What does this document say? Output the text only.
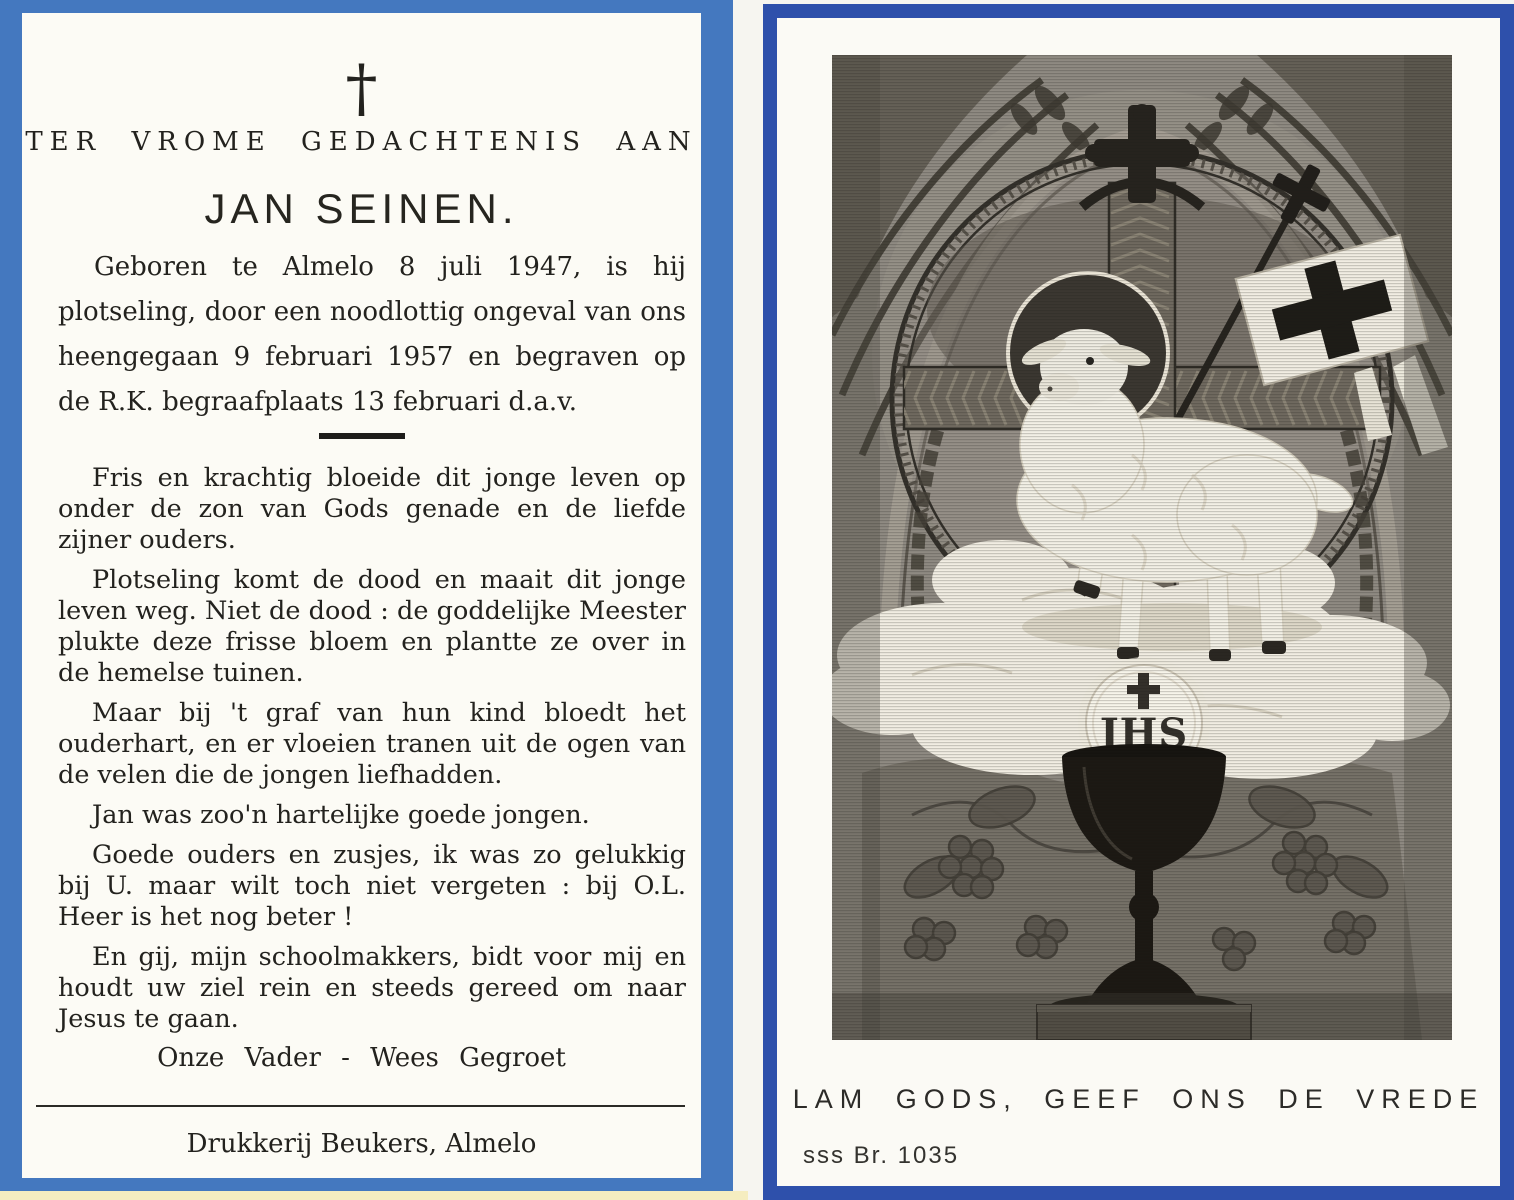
†
TER VROME GEDACHTENIS AAN
JAN SEINEN.
Geboren te Almelo 8 juli 1947, is hij plotseling, door een noodlottig ongeval van ons heengegaan 9 februari 1957 en begraven op de R.K. begraafplaats 13 februari d.a.v.

Fris en krachtig bloeide dit jonge leven op onder de zon van Gods genade en de liefde zijner ouders.

Plotseling komt de dood en maait dit jonge leven weg. Niet de dood : de goddelijke Meester plukte deze frisse bloem en plantte ze over in de hemelse tuinen.

Maar bij 't graf van hun kind bloedt het ouderhart, en er vloeien tranen uit de ogen van de velen die de jongen liefhadden.

Jan was zoo'n hartelijke goede jongen.

Goede ouders en zusjes, ik was zo gelukkig bij U. maar wilt toch niet vergeten : bij O.L. Heer is het nog beter !

En gij, mijn schoolmakkers, bidt voor mij en houdt uw ziel rein en steeds gereed om naar Jesus te gaan.

Onze Vader - Wees Gegroet
Drukkerij Beukers, Almelo
LAM GODS, GEEF ONS DE VREDE
sss Br. 1035
